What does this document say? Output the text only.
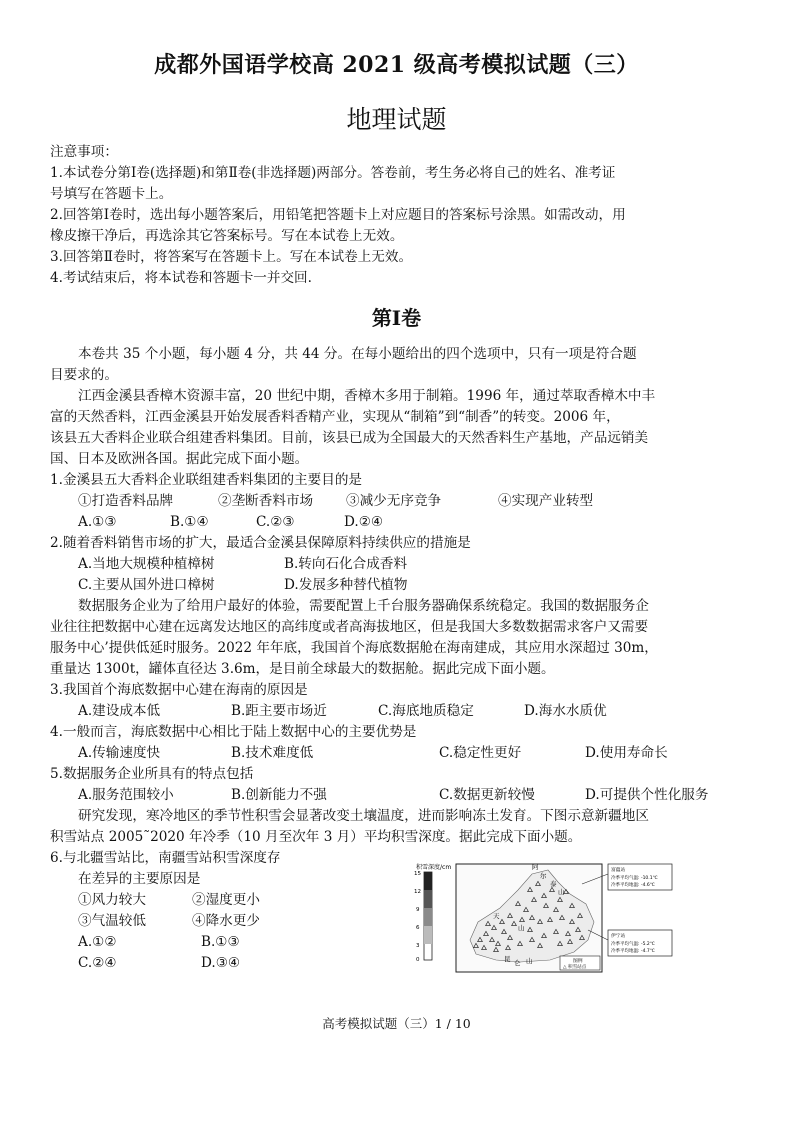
成都外国语学校高 2021 级高考模拟试题（三）
地理试题
注意事项：
1.本试卷分第Ⅰ卷(选择题)和第Ⅱ卷(非选择题)两部分。答卷前，考生务必将自己的姓名、准考证
号填写在答题卡上。
2.回答第Ⅰ卷时，选出每小题答案后，用铅笔把答题卡上对应题目的答案标号涂黑。如需改动，用
橡皮擦干净后，再选涂其它答案标号。写在本试卷上无效。
3.回答第Ⅱ卷时，将答案写在答题卡上。写在本试卷上无效。
4.考试结束后，将本试卷和答题卡一并交回.
第Ⅰ卷
本卷共 35 个小题，每小题 4 分，共 44 分。在每小题给出的四个选项中，只有一项是符合题
目要求的。
江西金溪县香樟木资源丰富，20 世纪中期，香樟木多用于制箱。1996 年，通过萃取香樟木中丰
富的天然香料，江西金溪县开始发展香料香精产业，实现从“制箱”到“制香”的转变。2006 年，
该县五大香料企业联合组建香料集团。目前，该县已成为全国最大的天然香料生产基地，产品远销美
国、日本及欧洲各国。据此完成下面小题。
1.金溪县五大香料企业联组建香料集团的主要目的是
①打造香料品牌	②垄断香料市场	③减少无序竞争	④实现产业转型
A.①③	B.①④	C.②③	D.②④
2.随着香料销售市场的扩大，最适合金溪县保障原料持续供应的措施是
A.当地大规模种植樟树	B.转向石化合成香料
C.主要从国外进口樟树	D.发展多种替代植物
数据服务企业为了给用户最好的体验，需要配置上千台服务器确保系统稳定。我国的数据服务企
业往往把数据中心建在远离发达地区的高纬度或者高海拔地区，但是我国大多数数据需求客户又需要
服务中心’提供低延时服务。2022 年年底，我国首个海底数据舱在海南建成，其应用水深超过 30m，
重量达 1300t，罐体直径达 3.6m，是目前全球最大的数据舱。据此完成下面小题。
3.我国首个海底数据中心建在海南的原因是
A.建设成本低	B.距主要市场近	C.海底地质稳定	D.海水水质优
4.一般而言，海底数据中心相比于陆上数据中心的主要优势是
A.传输速度快	B.技术难度低	C.稳定性更好	D.使用寿命长
5.数据服务企业所具有的特点包括
A.服务范围较小	B.创新能力不强	C.数据更新较慢	D.可提供个性化服务
研究发现，寒冷地区的季节性积雪会显著改变土壤温度，进而影响冻土发育。下图示意新疆地区
积雪站点 2005˜2020 年冷季（10 月至次年 3 月）平均积雪深度。据此完成下面小题。
6.与北疆雪站比，南疆雪站积雪深度存
在差异的主要原因是
①风力较大	②湿度更小
③气温较低	④降水更少
A.①②	B.①③
C.②④	D.③④
积雪深度/cm
15
12
9
6
3
0
阿
尔
泰
山
天
山
昆 仑 山
富蕴站
冷季平均气温: -10.1℃
冷季平均地温: -4.6℃
伊宁站
冷季平均气温: -5.2℃
冷季平均地温: -4.7℃
图例
△ 积雪站点
高考模拟试题（三）1 / 10
